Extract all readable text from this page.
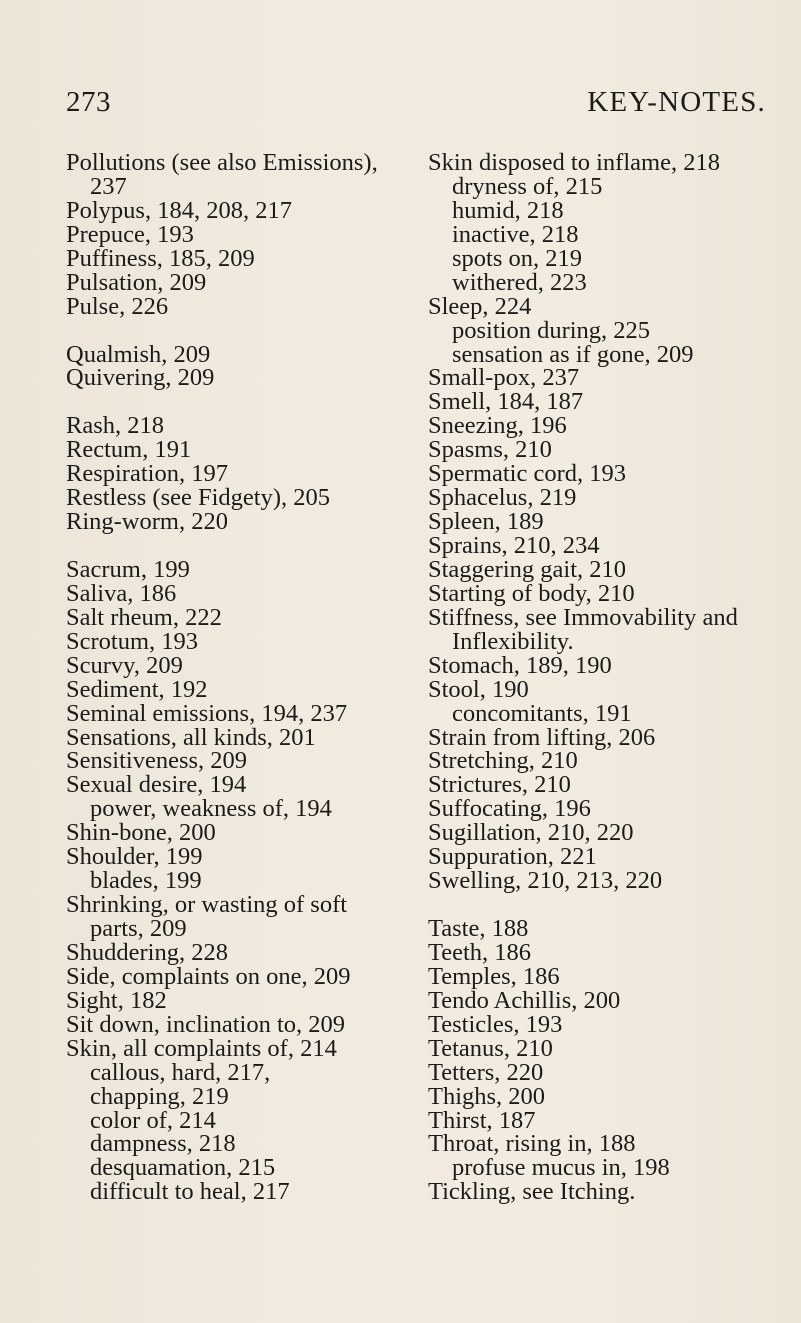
273	KEY-NOTES.
Pollutions (see also Emissions),
237
Polypus, 184, 208, 217
Prepuce, 193
Puffiness, 185, 209
Pulsation, 209
Pulse, 226
Qualmish, 209
Quivering, 209
Rash, 218
Rectum, 191
Respiration, 197
Restless (see Fidgety), 205
Ring-worm, 220
Sacrum, 199
Saliva, 186
Salt rheum, 222
Scrotum, 193
Scurvy, 209
Sediment, 192
Seminal emissions, 194, 237
Sensations, all kinds, 201
Sensitiveness, 209
Sexual desire, 194
power, weakness of, 194
Shin-bone, 200
Shoulder, 199
blades, 199
Shrinking, or wasting of soft
parts, 209
Shuddering, 228
Side, complaints on one, 209
Sight, 182
Sit down, inclination to, 209
Skin, all complaints of, 214
callous, hard, 217,
chapping, 219
color of, 214
dampness, 218
desquamation, 215
difficult to heal, 217
Skin disposed to inflame, 218
dryness of, 215
humid, 218
inactive, 218
spots on, 219
withered, 223
Sleep, 224
position during, 225
sensation as if gone, 209
Small-pox, 237
Smell, 184, 187
Sneezing, 196
Spasms, 210
Spermatic cord, 193
Sphacelus, 219
Spleen, 189
Sprains, 210, 234
Staggering gait, 210
Starting of body, 210
Stiffness, see Immovability and
Inflexibility.
Stomach, 189, 190
Stool, 190
concomitants, 191
Strain from lifting, 206
Stretching, 210
Strictures, 210
Suffocating, 196
Sugillation, 210, 220
Suppuration, 221
Swelling, 210, 213, 220
Taste, 188
Teeth, 186
Temples, 186
Tendo Achillis, 200
Testicles, 193
Tetanus, 210
Tetters, 220
Thighs, 200
Thirst, 187
Throat, rising in, 188
profuse mucus in, 198
Tickling, see Itching.
